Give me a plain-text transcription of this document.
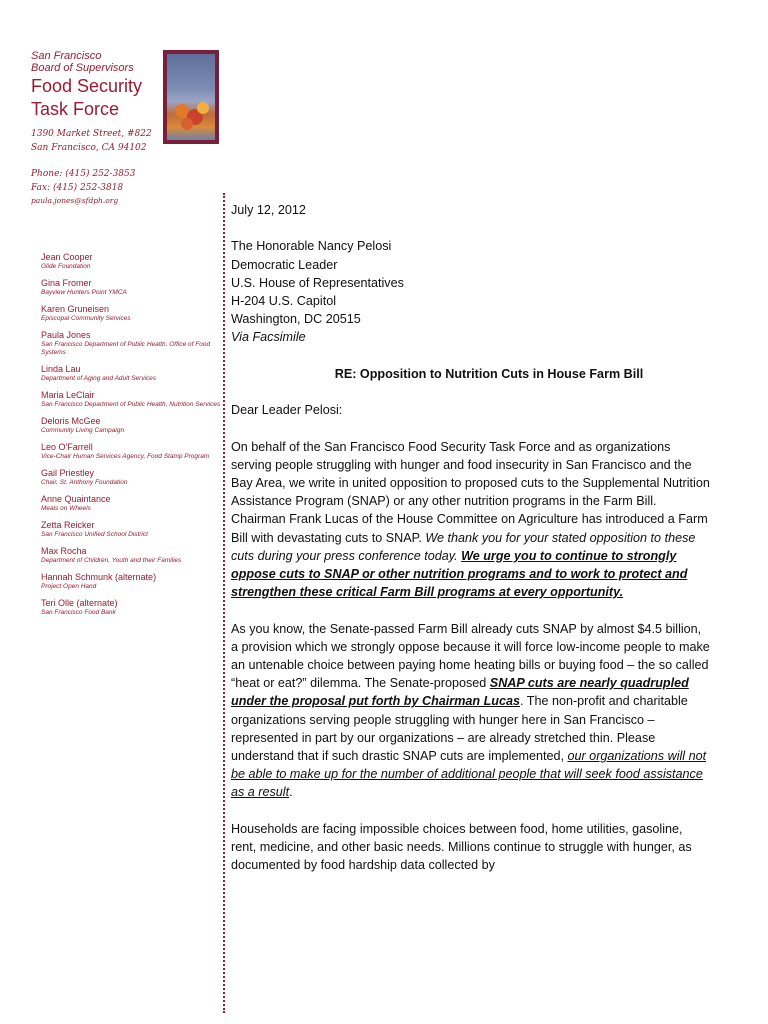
San Francisco
Board of Supervisors
Food Security
Task Force
1390 Market Street, #822
San Francisco, CA 94102
Phone: (415) 252-3853
Fax: (415) 252-3818
paula.jones@sfdph.org
Jean Cooper
Glide Foundation
Gina Fromer
Bayview Hunters Point YMCA
Karen Gruneisen
Episcopal Community Services
Paula Jones
San Francisco Department of Public Health, Office of Food Systems
Linda Lau
Department of Aging and Adult Services
Maria LeClair
San Francisco Department of Public Health, Nutrition Services
Deloris McGee
Community Living Campaign
Leo O'Farrell
Vice-Chair Human Services Agency, Food Stamp Program
Gail Priestley
Chair, St. Anthony Foundation
Anne Quaintance
Meals on Wheels
Zetta Reicker
San Francisco Unified School District
Max Rocha
Department of Children, Youth and their Families
Hannah Schmunk (alternate)
Project Open Hand
Teri Olle (alternate)
San Francisco Food Bank

July 12, 2012

The Honorable Nancy Pelosi

Democratic Leader

U.S. House of Representatives

H-204 U.S. Capitol

Washington, DC 20515

Via Facsimile

RE: Opposition to Nutrition Cuts in House Farm Bill

Dear Leader Pelosi:

On behalf of the San Francisco Food Security Task Force and as organizations serving people struggling with hunger and food insecurity in San Francisco and the Bay Area, we write in united opposition to proposed cuts to the Supplemental Nutrition Assistance Program (SNAP) or any other nutrition programs in the Farm Bill. Chairman Frank Lucas of the House Committee on Agriculture has introduced a Farm Bill with devastating cuts to SNAP. We thank you for your stated opposition to these cuts during your press conference today. We urge you to continue to strongly oppose cuts to SNAP or other nutrition programs and to work to protect and strengthen these critical Farm Bill programs at every opportunity.

As you know, the Senate-passed Farm Bill already cuts SNAP by almost $4.5 billion, a provision which we strongly oppose because it will force low-income people to make an untenable choice between paying home heating bills or buying food – the so called “heat or eat?” dilemma. The Senate-proposed SNAP cuts are nearly quadrupled under the proposal put forth by Chairman Lucas. The non-profit and charitable organizations serving people struggling with hunger here in San Francisco – represented in part by our organizations – are already stretched thin. Please understand that if such drastic SNAP cuts are implemented, our organizations will not be able to make up for the number of additional people that will seek food assistance as a result.

Households are facing impossible choices between food, home utilities, gasoline, rent, medicine, and other basic needs. Millions continue to struggle with hunger, as documented by food hardship data collected by
